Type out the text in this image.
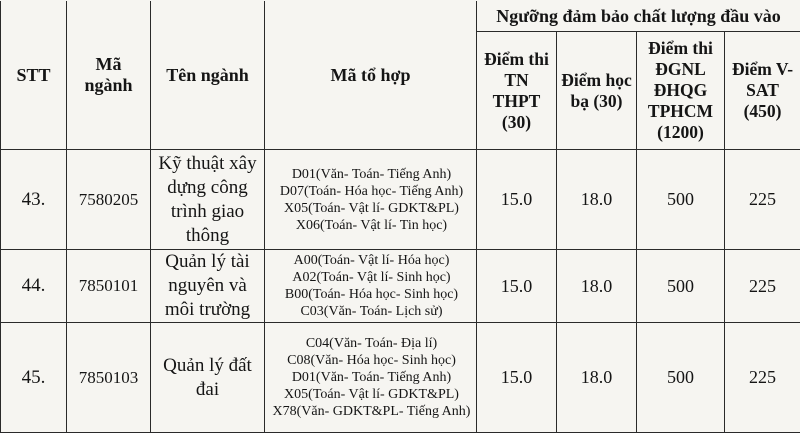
STT	Mã ngành	Tên ngành	Mã tổ hợp	Ngưỡng đảm bảo chất lượng đầu vào			
				Điểm thi TN THPT (30)	Điểm học bạ (30)	Điểm thi ĐGNL ĐHQG TPHCM (1200)	Điểm V-SAT (450)
43.	7580205	Kỹ thuật xây dựng công trình giao thông	D01(Văn- Toán- Tiếng Anh)
D07(Toán- Hóa học- Tiếng Anh)
X05(Toán- Vật lí- GDKT&PL)
X06(Toán- Vật lí- Tin học)	15.0	18.0	500	225
44.	7850101	Quản lý tài nguyên và môi trường	A00(Toán- Vật lí- Hóa học)
A02(Toán- Vật lí- Sinh học)
B00(Toán- Hóa học- Sinh học)
C03(Văn- Toán- Lịch sử)	15.0	18.0	500	225
45.	7850103	Quản lý đất đai	C04(Văn- Toán- Địa lí)
C08(Văn- Hóa học- Sinh học)
D01(Văn- Toán- Tiếng Anh)
X05(Toán- Vật lí- GDKT&PL)
X78(Văn- GDKT&PL- Tiếng Anh)	15.0	18.0	500	225
